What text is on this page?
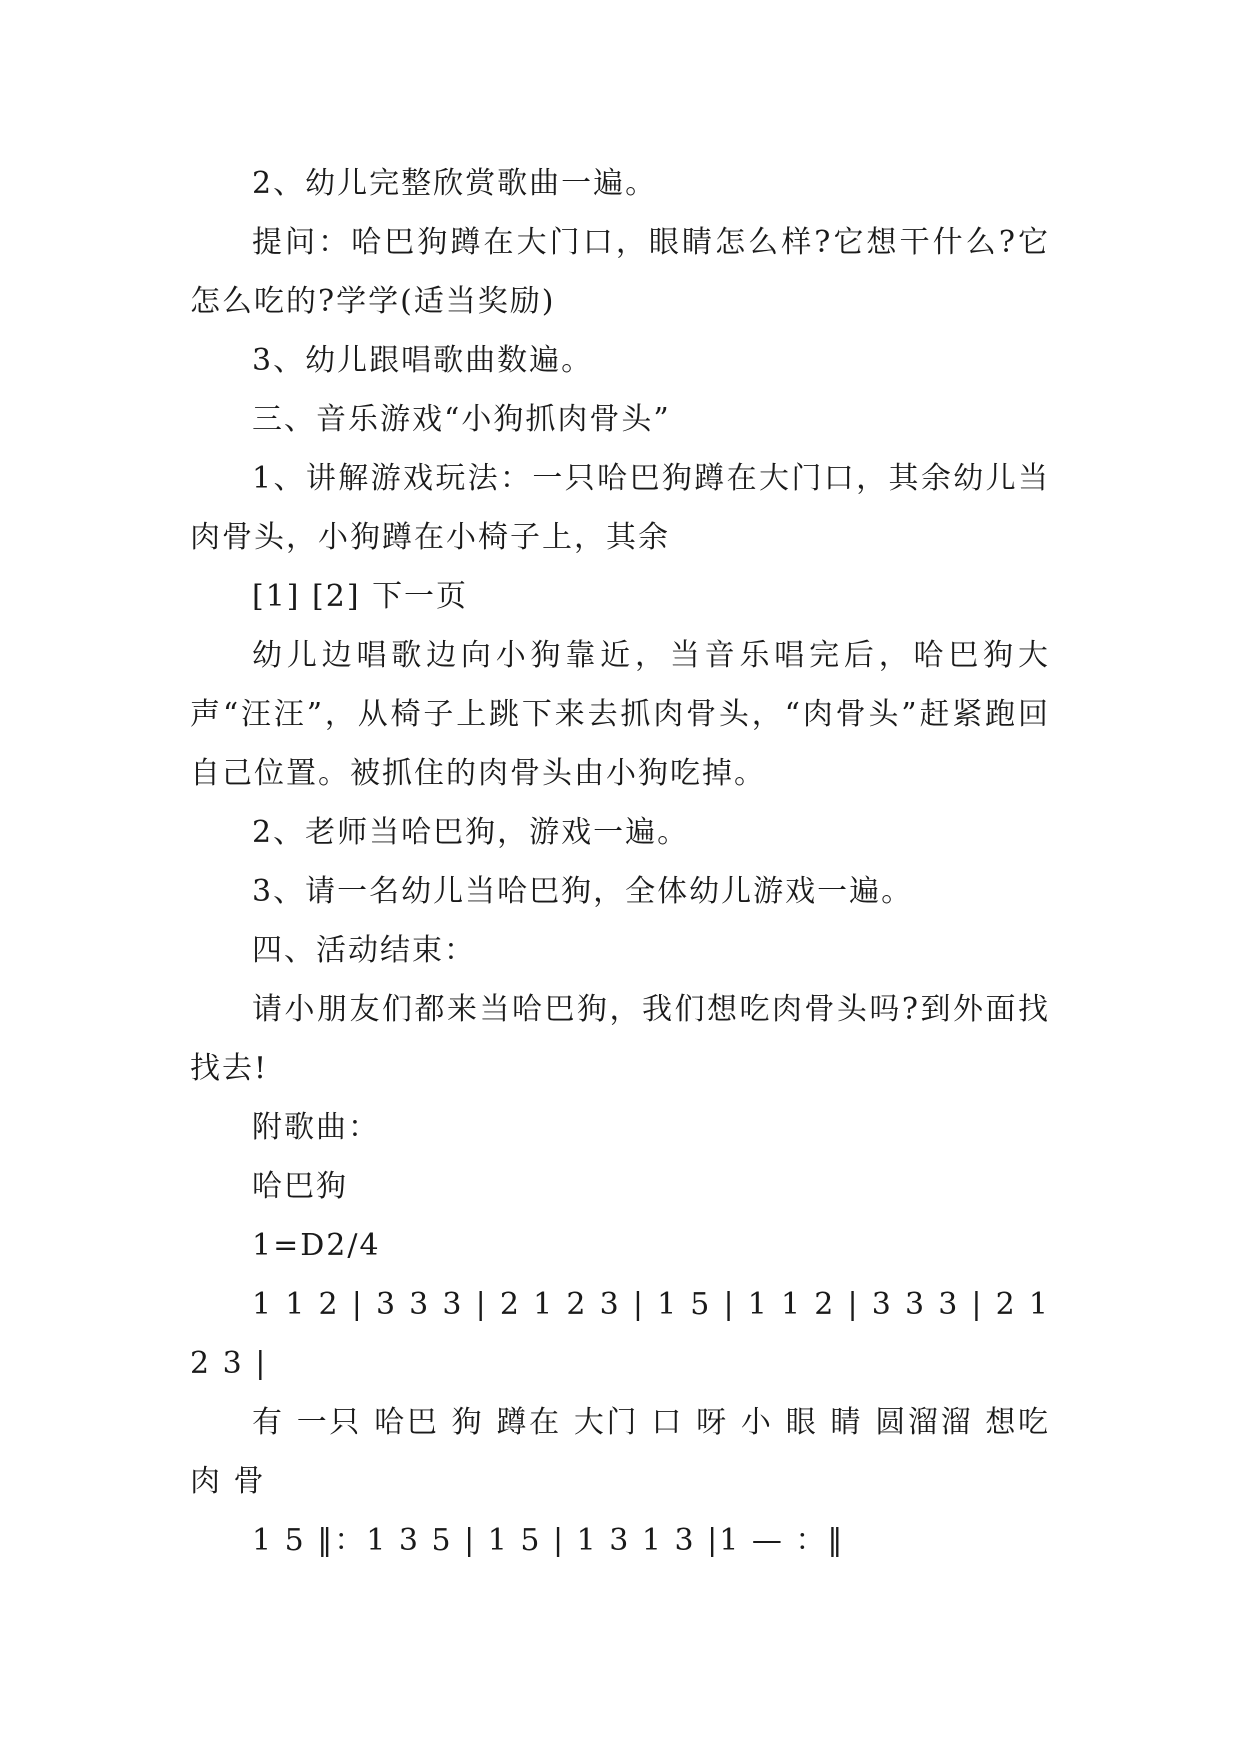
2、幼儿完整欣赏歌曲一遍。

提问：哈巴狗蹲在大门口，眼睛怎么样?它想干什么?它怎么吃的?学学(适当奖励)

3、幼儿跟唱歌曲数遍。

三、音乐游戏“小狗抓肉骨头”

1、讲解游戏玩法：一只哈巴狗蹲在大门口，其余幼儿当肉骨头，小狗蹲在小椅子上，其余

[1] [2] 下一页

幼儿边唱歌边向小狗靠近，当音乐唱完后，哈巴狗大声“汪汪”，从椅子上跳下来去抓肉骨头，“肉骨头”赶紧跑回自己位置。被抓住的肉骨头由小狗吃掉。

2、老师当哈巴狗，游戏一遍。

3、请一名幼儿当哈巴狗，全体幼儿游戏一遍。

四、活动结束：

请小朋友们都来当哈巴狗，我们想吃肉骨头吗?到外面找找去!

附歌曲：

哈巴狗

1=D2/4

1 1 2 | 3 3 3 | 2 1 2 3 | 1 5 | 1 1 2 | 3 3 3 | 2 1 2 3 |

有 一只 哈巴 狗 蹲在 大门 口 呀 小 眼 睛 圆溜溜 想吃 肉 骨

1 5 ‖：1 3 5 | 1 5 | 1 3 1 3 |1 — ：‖
